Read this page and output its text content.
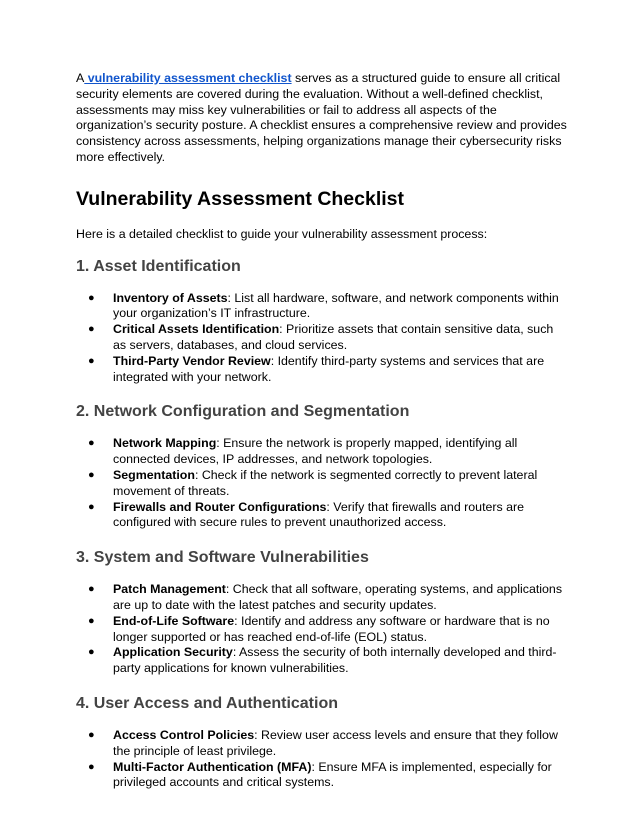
A vulnerability assessment checklist serves as a structured guide to ensure all critical security elements are covered during the evaluation. Without a well-defined checklist, assessments may miss key vulnerabilities or fail to address all aspects of the organization’s security posture. A checklist ensures a comprehensive review and provides consistency across assessments, helping organizations manage their cybersecurity risks more effectively.

Vulnerability Assessment Checklist

Here is a detailed checklist to guide your vulnerability assessment process:

1. Asset Identification
● Inventory of Assets: List all hardware, software, and network components within your organization’s IT infrastructure.
● Critical Assets Identification: Prioritize assets that contain sensitive data, such as servers, databases, and cloud services.
● Third-Party Vendor Review: Identify third-party systems and services that are integrated with your network.
2. Network Configuration and Segmentation
● Network Mapping: Ensure the network is properly mapped, identifying all connected devices, IP addresses, and network topologies.
● Segmentation: Check if the network is segmented correctly to prevent lateral movement of threats.
● Firewalls and Router Configurations: Verify that firewalls and routers are configured with secure rules to prevent unauthorized access.
3. System and Software Vulnerabilities
● Patch Management: Check that all software, operating systems, and applications are up to date with the latest patches and security updates.
● End-of-Life Software: Identify and address any software or hardware that is no longer supported or has reached end-of-life (EOL) status.
● Application Security: Assess the security of both internally developed and third-party applications for known vulnerabilities.
4. User Access and Authentication
● Access Control Policies: Review user access levels and ensure that they follow the principle of least privilege.
● Multi-Factor Authentication (MFA): Ensure MFA is implemented, especially for privileged accounts and critical systems.
